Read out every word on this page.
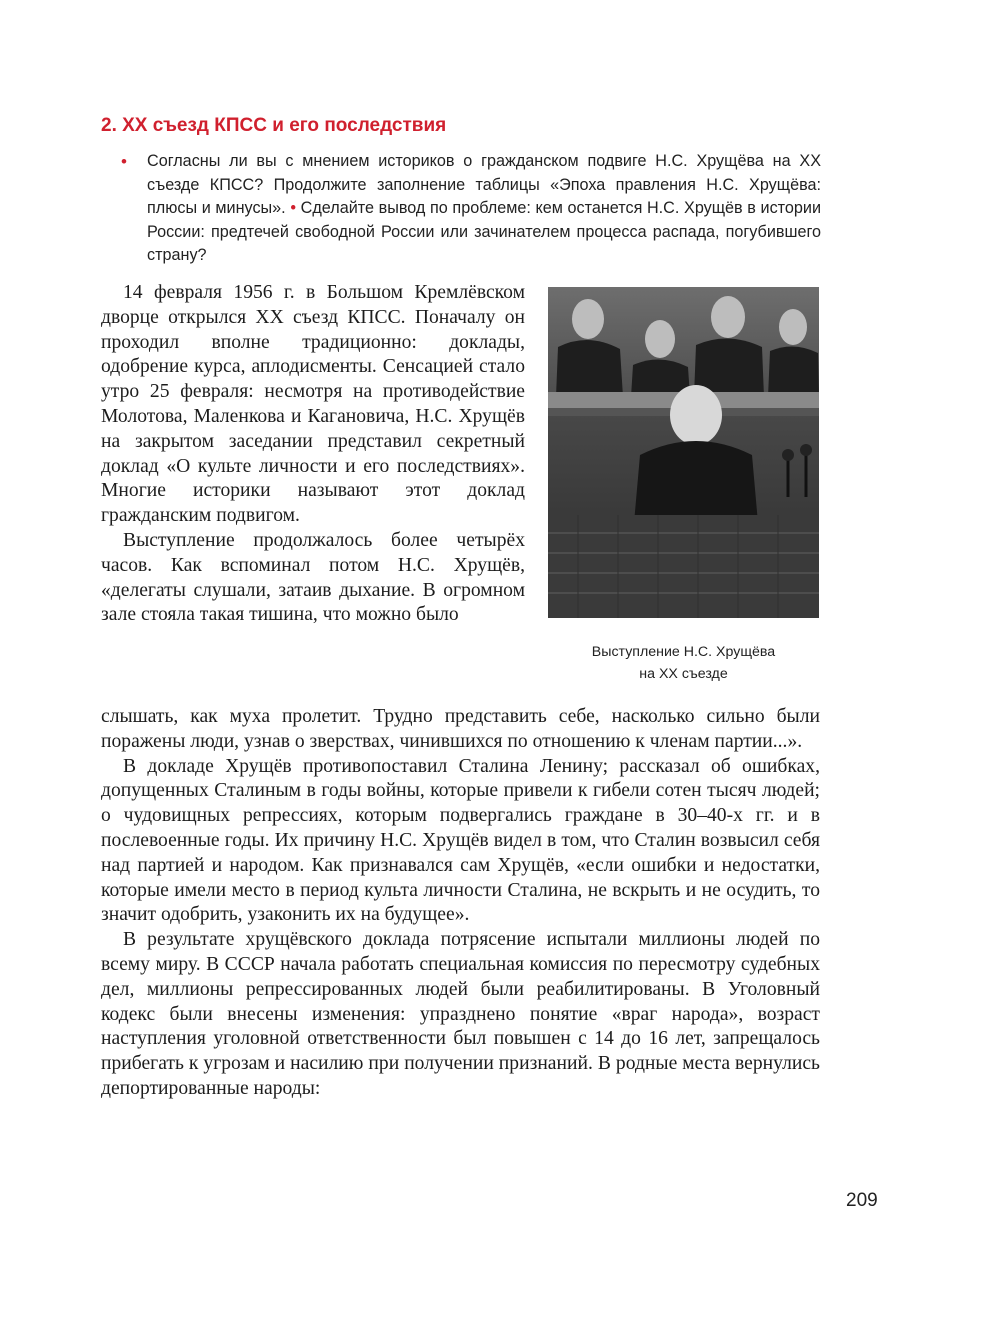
2. XX съезд КПСС и его последствия
• Согласны ли вы с мнением историков о гражданском подвиге Н.С. Хрущёва на XX съезде КПСС? Продолжите заполнение таблицы «Эпоха правления Н.С. Хрущёва: плюсы и минусы». • Сделайте вывод по проблеме: кем останется Н.С. Хрущёв в истории России: предтечей свободной России или зачинателем процесса распада, погубившего страну?

Выступление Н.С. Хрущёва
на XX съезде

14 февраля 1956 г. в Большом Кремлёвском дворце открылся XX съезд КПСС. Поначалу он проходил вполне традиционно: доклады, одобрение курса, аплодисменты. Сенсацией стало утро 25 февраля: несмотря на противодействие Молотова, Маленкова и Кагановича, Н.С. Хрущёв на закрытом заседании представил секретный доклад «О культе личности и его последствиях». Многие историки называют этот доклад гражданским подвигом.

Выступление продолжалось более четырёх часов. Как вспоминал потом Н.С. Хрущёв, «делегаты слушали, затаив дыхание. В огромном зале стояла такая тишина, что можно было

слышать, как муха пролетит. Трудно представить себе, насколько сильно были поражены люди, узнав о зверствах, чинившихся по отношению к членам партии...».

В докладе Хрущёв противопоставил Сталина Ленину; рассказал об ошибках, допущенных Сталиным в годы войны, которые привели к гибели сотен тысяч людей; о чудовищных репрессиях, которым подвергались граждане в 30–40-х гг. и в послевоенные годы. Их причину Н.С. Хрущёв видел в том, что Сталин возвысил себя над партией и народом. Как признавался сам Хрущёв, «если ошибки и недостатки, которые имели место в период культа личности Сталина, не вскрыть и не осудить, то значит одобрить, узаконить их на будущее».

В результате хрущёвского доклада потрясение испытали миллионы людей по всему миру. В СССР начала работать специальная комиссия по пересмотру судебных дел, миллионы репрессированных людей были реабилитированы. В Уголовный кодекс были внесены изменения: упразднено понятие «враг народа», возраст наступления уголовной ответственности был повышен с 14 до 16 лет, запрещалось прибегать к угрозам и насилию при получении признаний. В родные места вернулись депортированные народы:

209
